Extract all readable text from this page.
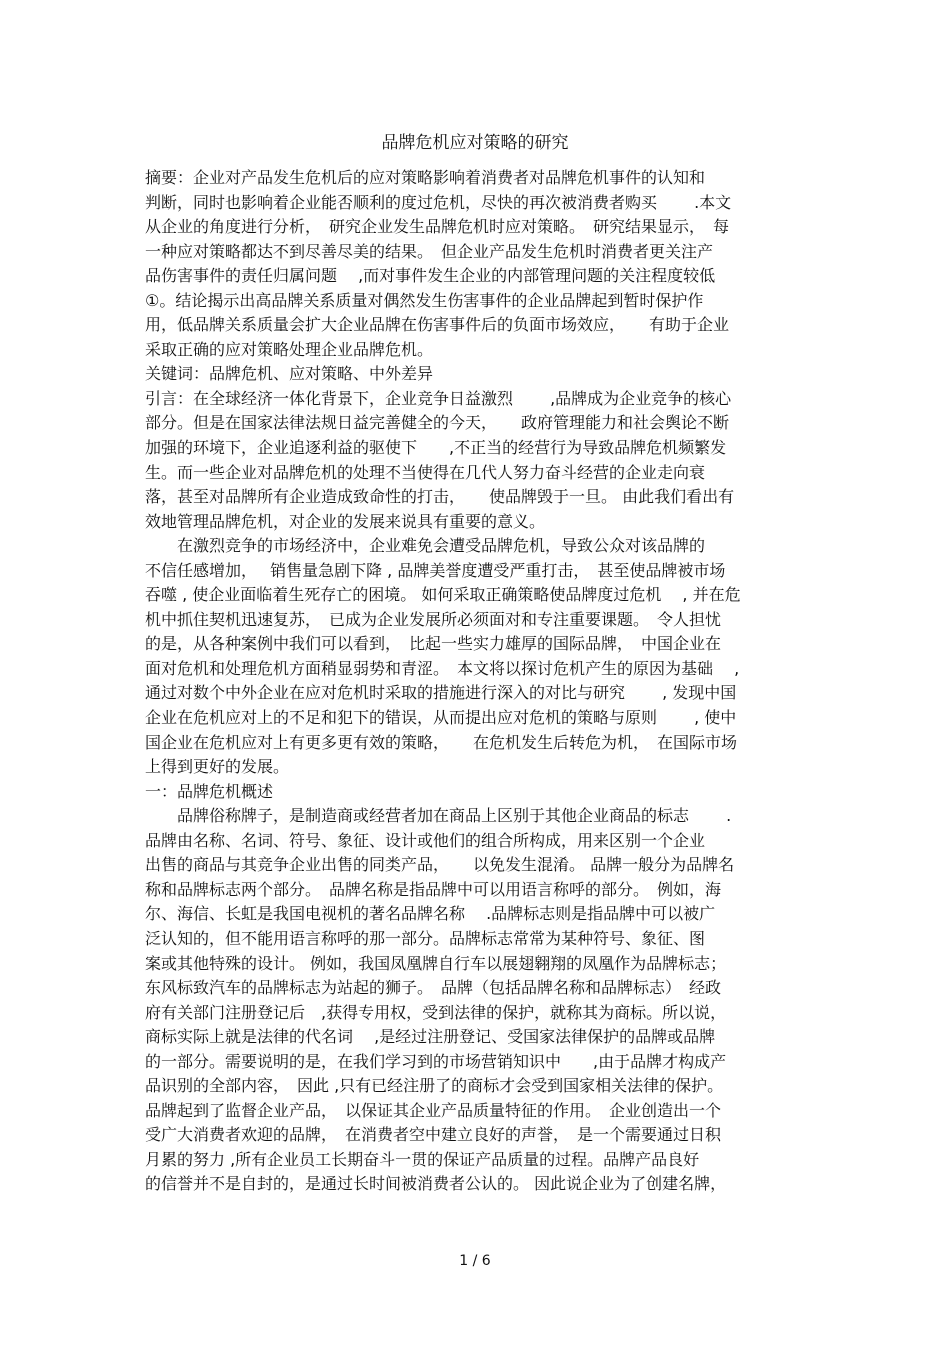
品牌危机应对策略的研究
摘要：企业对产品发生危机后的应对策略影响着消费者对品牌危机事件的认知和
判断，同时也影响着企业能否顺利的度过危机，尽快的再次被消费者购买　　 .本文
从企业的角度进行分析，　研究企业发生品牌危机时应对策略。　研究结果显示，　每
一种应对策略都达不到尽善尽美的结果。　但企业产品发生危机时消费者更关注产
品伤害事件的责任归属问题　 ,而对事件发生企业的内部管理问题的关注程度较低
①。结论揭示出高品牌关系质量对偶然发生伤害事件的企业品牌起到暂时保护作
用，低品牌关系质量会扩大企业品牌在伤害事件后的负面市场效应，　　有助于企业
采取正确的应对策略处理企业品牌危机。
关键词：品牌危机、应对策略、中外差异
引言：在全球经济一体化背景下，企业竞争日益激烈　　 ,品牌成为企业竞争的核心
部分。但是在国家法律法规日益完善健全的今天，　　政府管理能力和社会舆论不断
加强的环境下，企业追逐利益的驱使下　　,不正当的经营行为导致品牌危机频繁发
生。而一些企业对品牌危机的处理不当使得在几代人努力奋斗经营的企业走向衰
落，甚至对品牌所有企业造成致命性的打击，　　使品牌毁于一旦。 由此我们看出有
效地管理品牌危机，对企业的发展来说具有重要的意义。
　　在激烈竞争的市场经济中，企业难免会遭受品牌危机，导致公众对该品牌的
不信任感增加，　 销售量急剧下降 , 品牌美誉度遭受严重打击，　甚至使品牌被市场
吞噬 , 使企业面临着生死存亡的困境。 如何采取正确策略使品牌度过危机　 , 并在危
机中抓住契机迅速复苏，　已成为企业发展所必须面对和专注重要课题。　令人担忧
的是，从各种案例中我们可以看到，　比起一些实力雄厚的国际品牌，　中国企业在
面对危机和处理危机方面稍显弱势和青涩。　本文将以探讨危机产生的原因为基础　 ,
通过对数个中外企业在应对危机时采取的措施进行深入的对比与研究　　 , 发现中国
企业在危机应对上的不足和犯下的错误，从而提出应对危机的策略与原则　　 , 使中
国企业在危机应对上有更多更有效的策略，　　在危机发生后转危为机，　在国际市场
上得到更好的发展。
一：品牌危机概述
　　品牌俗称牌子，是制造商或经营者加在商品上区别于其他企业商品的标志　　 .
品牌由名称、名词、符号、象征、设计或他们的组合所构成，用来区别一个企业
出售的商品与其竞争企业出售的同类产品，　　以免发生混淆。 品牌一般分为品牌名
称和品牌标志两个部分。　品牌名称是指品牌中可以用语言称呼的部分。　例如，海
尔、海信、长虹是我国电视机的著名品牌名称　 .品牌标志则是指品牌中可以被广
泛认知的，但不能用语言称呼的那一部分。品牌标志常常为某种符号、象征、图
案或其他特殊的设计。 例如，我国凤凰牌自行车以展翅翱翔的凤凰作为品牌标志；
东风标致汽车的品牌标志为站起的狮子。　品牌（包括品牌名称和品牌标志）　经政
府有关部门注册登记后　,获得专用权，受到法律的保护，就称其为商标。所以说，
商标实际上就是法律的代名词　 ,是经过注册登记、受国家法律保护的品牌或品牌
的一部分。需要说明的是，在我们学习到的市场营销知识中　　,由于品牌才构成产
品识别的全部内容，　因此 ,只有已经注册了的商标才会受到国家相关法律的保护。
品牌起到了监督企业产品，　以保证其企业产品质量特征的作用。　企业创造出一个
受广大消费者欢迎的品牌，　在消费者空中建立良好的声誉，　是一个需要通过日积
月累的努力 ,所有企业员工长期奋斗一贯的保证产品质量的过程。品牌产品良好
的信誉并不是自封的，是通过长时间被消费者公认的。 因此说企业为了创建名牌，
1 / 6
